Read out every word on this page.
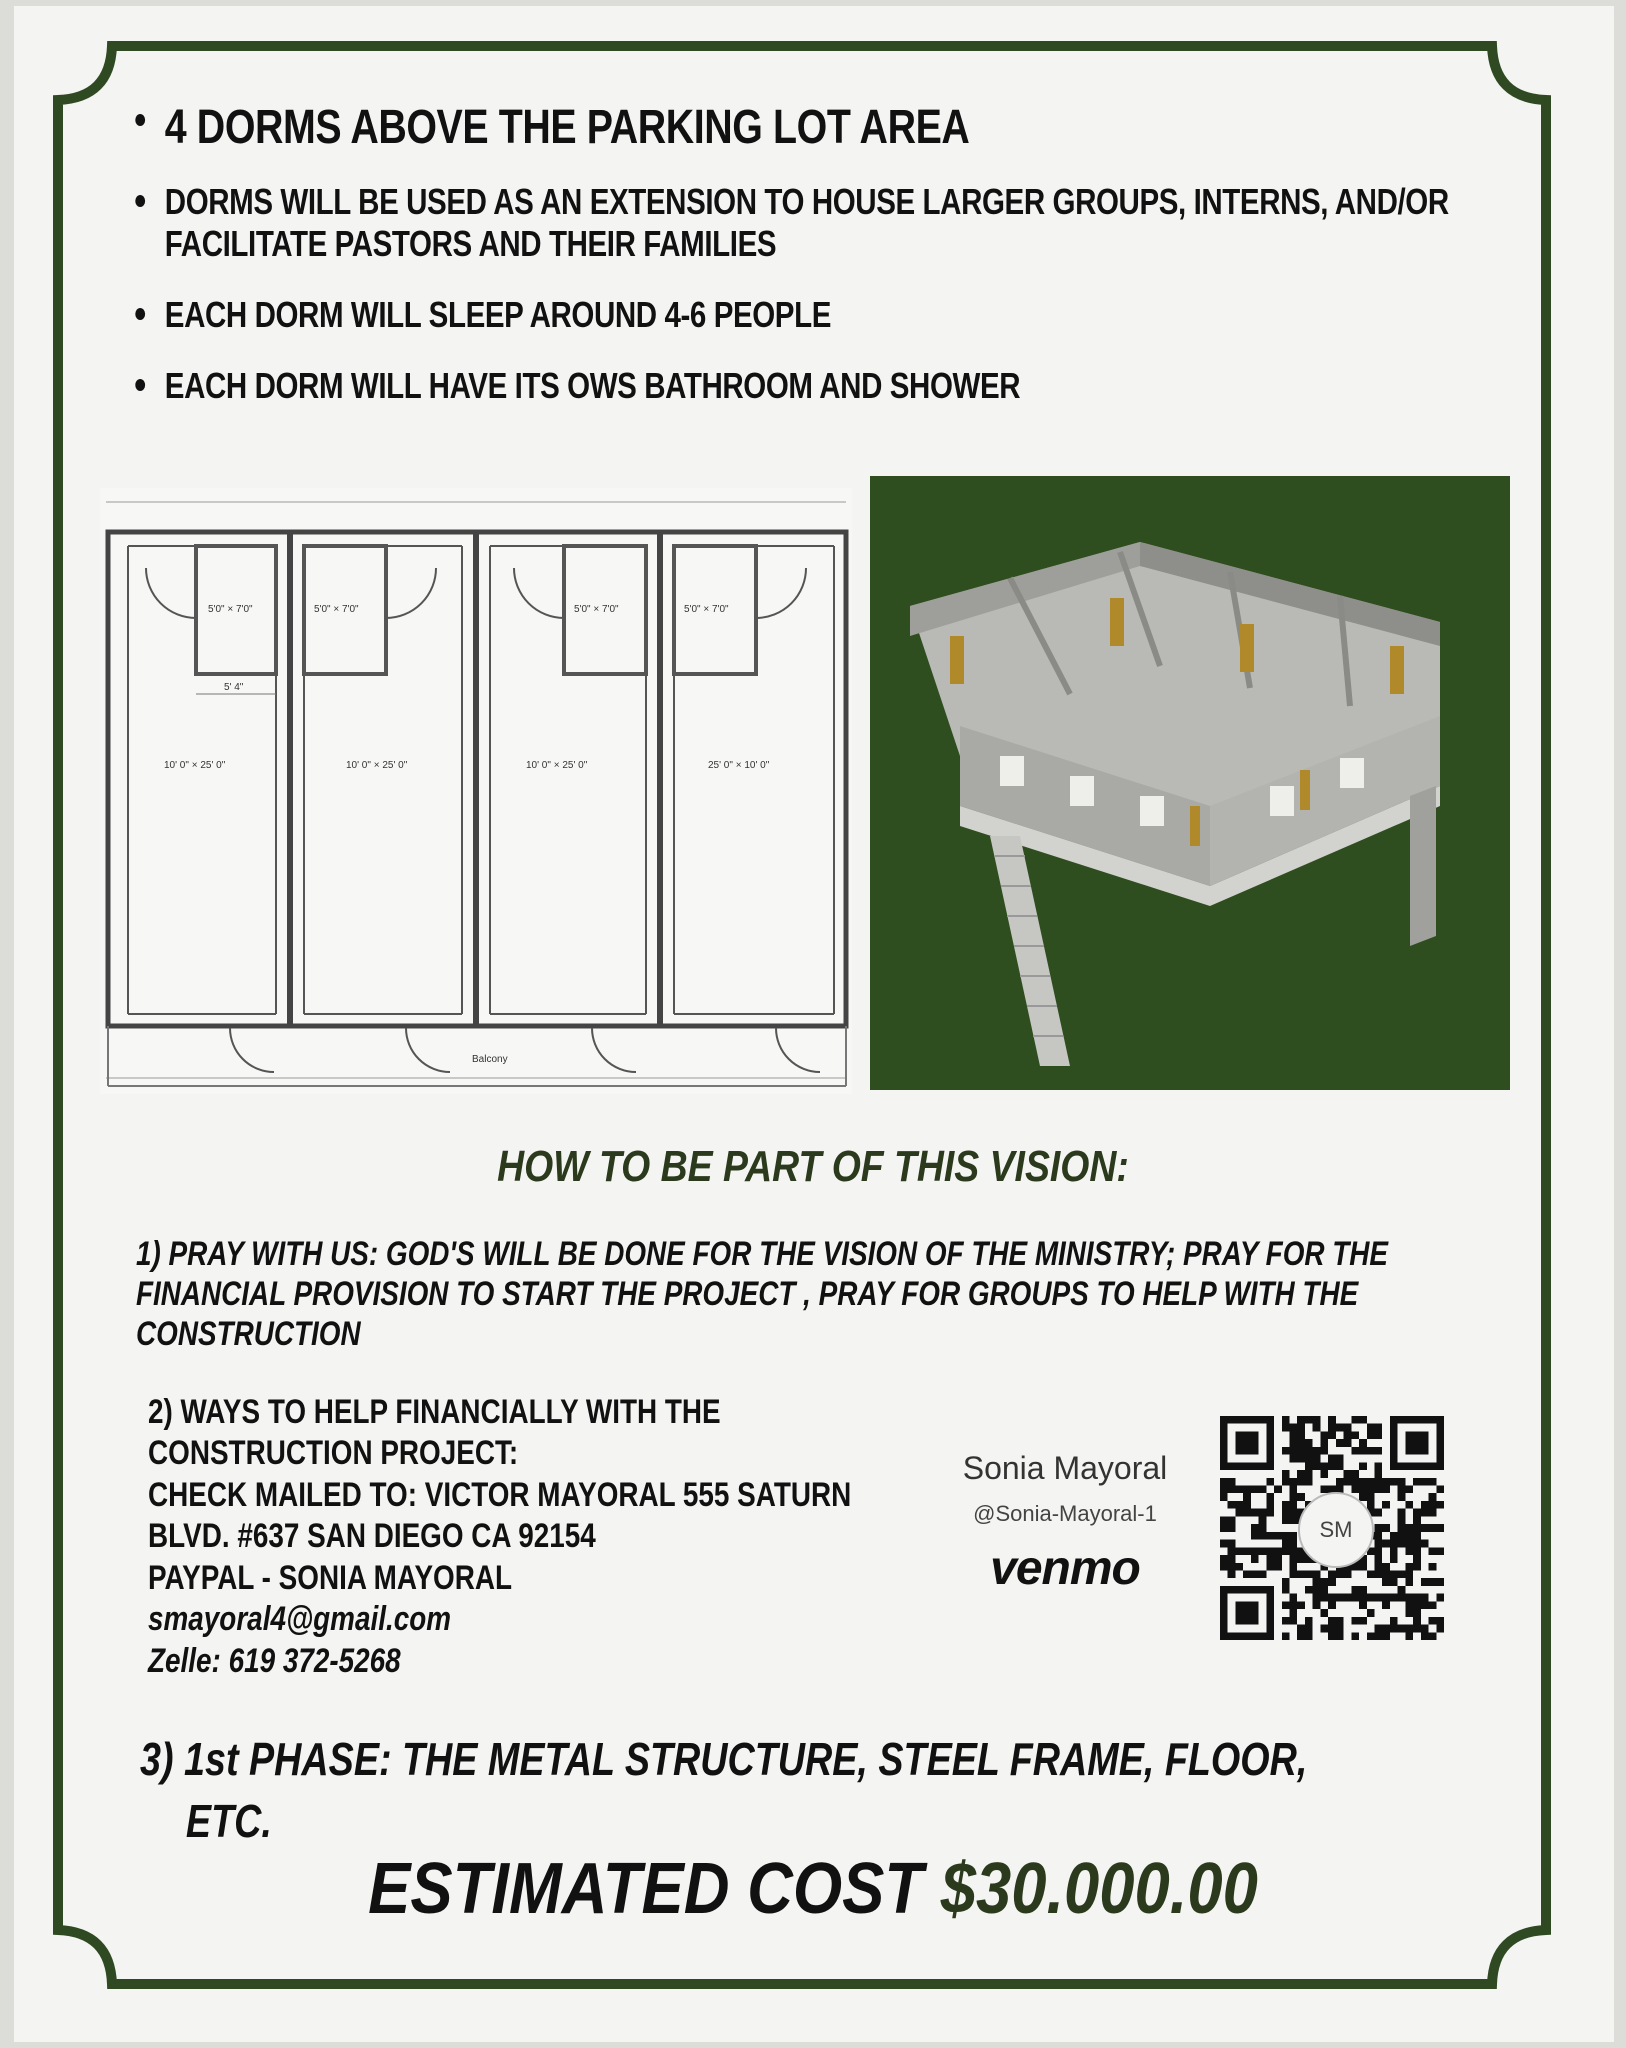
4 DORMS ABOVE THE PARKING LOT AREA
DORMS WILL BE USED AS AN EXTENSION TO HOUSE LARGER GROUPS, INTERNS, AND/OR FACILITATE PASTORS AND THEIR FAMILIES
EACH DORM WILL SLEEP AROUND 4-6 PEOPLE
EACH DORM WILL HAVE ITS OWS BATHROOM AND SHOWER
5' 4"
5'0" × 7'0"	5'0" × 7'0"	5'0" × 7'0"	5'0" × 7'0"
10' 0" × 25' 0"	10' 0" × 25' 0"	10' 0" × 25' 0"	25' 0" × 10' 0"
Balcony
HOW TO BE PART OF THIS VISION:
1) PRAY WITH US: GOD'S WILL BE DONE FOR THE VISION OF THE MINISTRY; PRAY FOR THE FINANCIAL PROVISION TO START THE PROJECT , PRAY FOR GROUPS TO HELP WITH THE CONSTRUCTION
2) WAYS TO HELP FINANCIALLY WITH THE
CONSTRUCTION PROJECT:
CHECK MAILED TO: VICTOR MAYORAL 555 SATURN
BLVD. #637 SAN DIEGO CA 92154
PAYPAL - SONIA MAYORAL
smayoral4@gmail.com
Zelle: 619 372-5268
Sonia Mayoral
@Sonia-Mayoral-1
venmo
SM
3) 1st PHASE: THE METAL STRUCTURE, STEEL FRAME, FLOOR,
ETC.
ESTIMATED COST $30.000.00
